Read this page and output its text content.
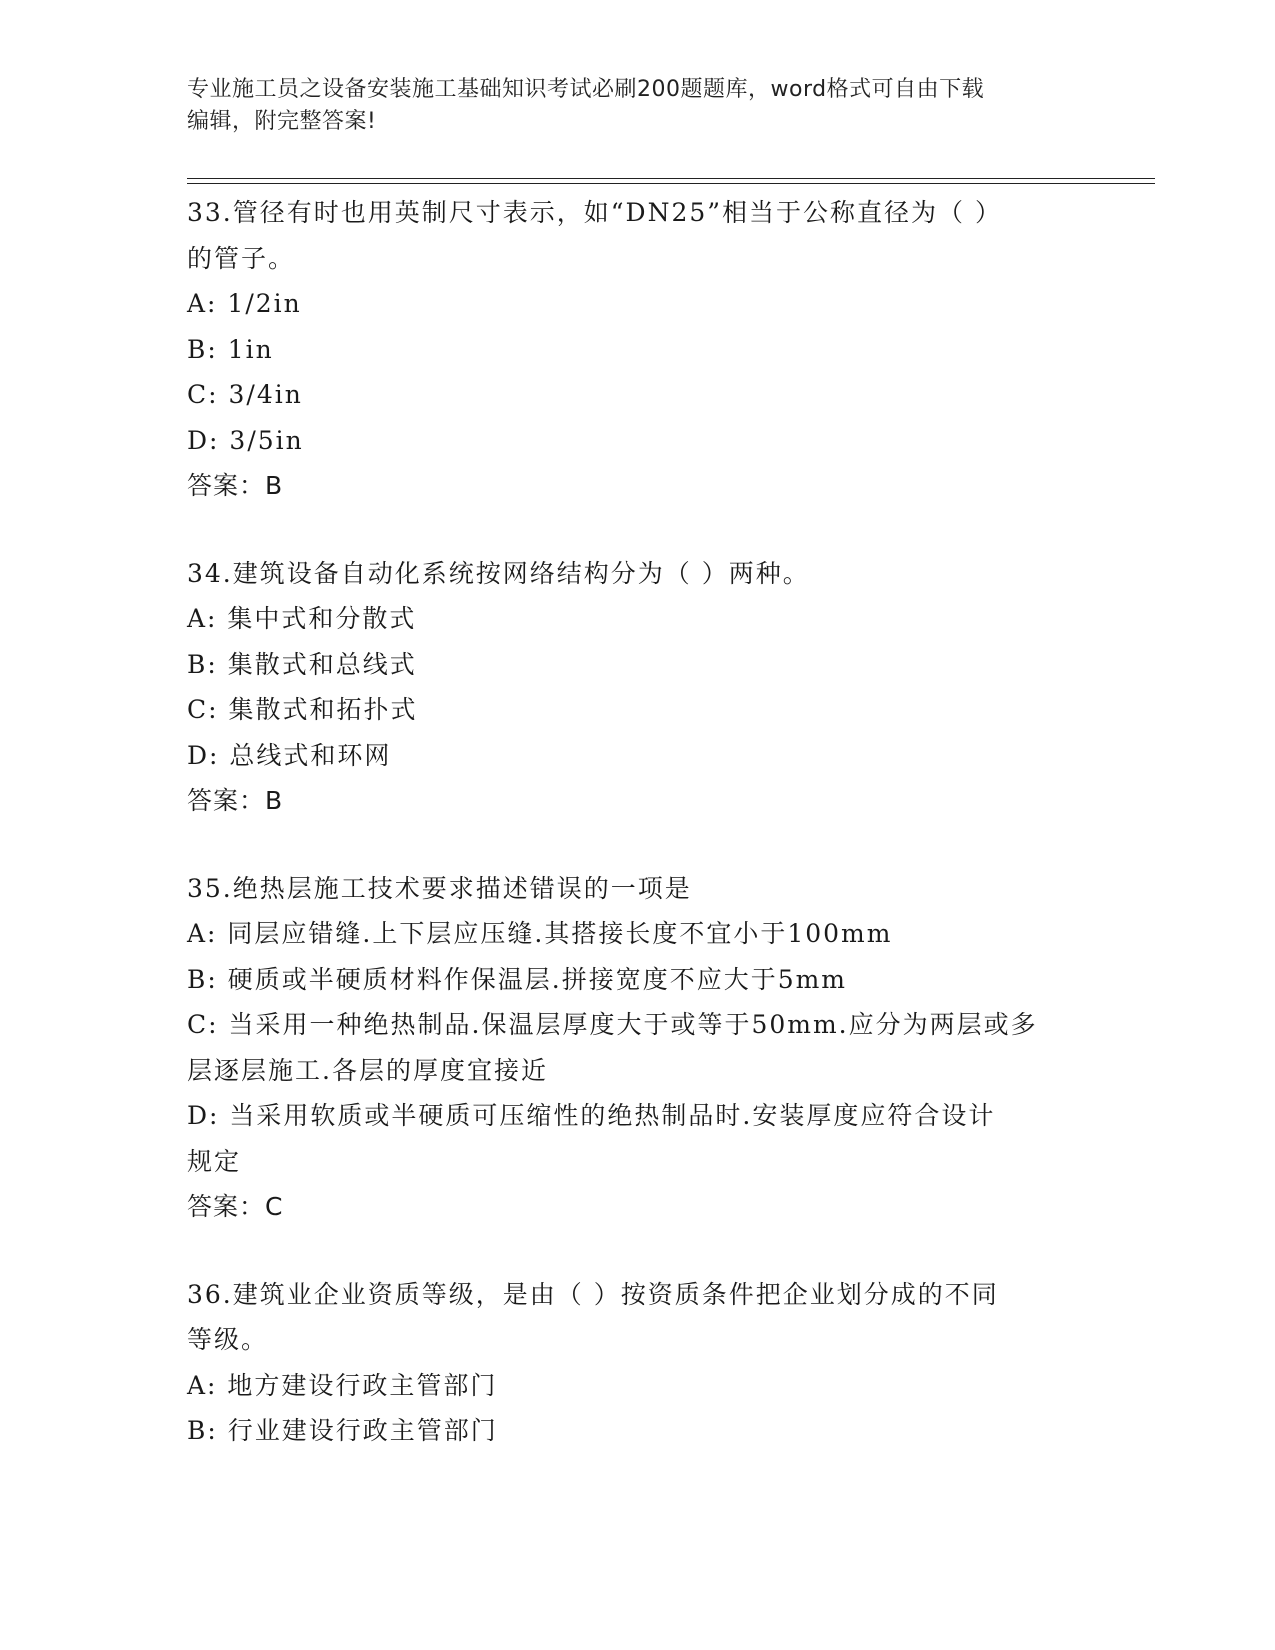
专业施工员之设备安装施工基础知识考试必刷200题题库，word格式可自由下载
编辑，附完整答案!
33.管径有时也用英制尺寸表示，如“DN25”相当于公称直径为（ ）
的管子。
A: 1/2in
B: 1in
C: 3/4in
D: 3/5in
答案：B
34.建筑设备自动化系统按网络结构分为（ ）两种。
A: 集中式和分散式
B: 集散式和总线式
C: 集散式和拓扑式
D: 总线式和环网
答案：B
35.绝热层施工技术要求描述错误的一项是
A: 同层应错缝.上下层应压缝.其搭接长度不宜小于100mm
B: 硬质或半硬质材料作保温层.拼接宽度不应大于5mm
C: 当采用一种绝热制品.保温层厚度大于或等于50mm.应分为两层或多
层逐层施工.各层的厚度宜接近
D: 当采用软质或半硬质可压缩性的绝热制品时.安装厚度应符合设计
规定
答案：C
36.建筑业企业资质等级，是由（ ）按资质条件把企业划分成的不同
等级。
A: 地方建设行政主管部门
B: 行业建设行政主管部门
